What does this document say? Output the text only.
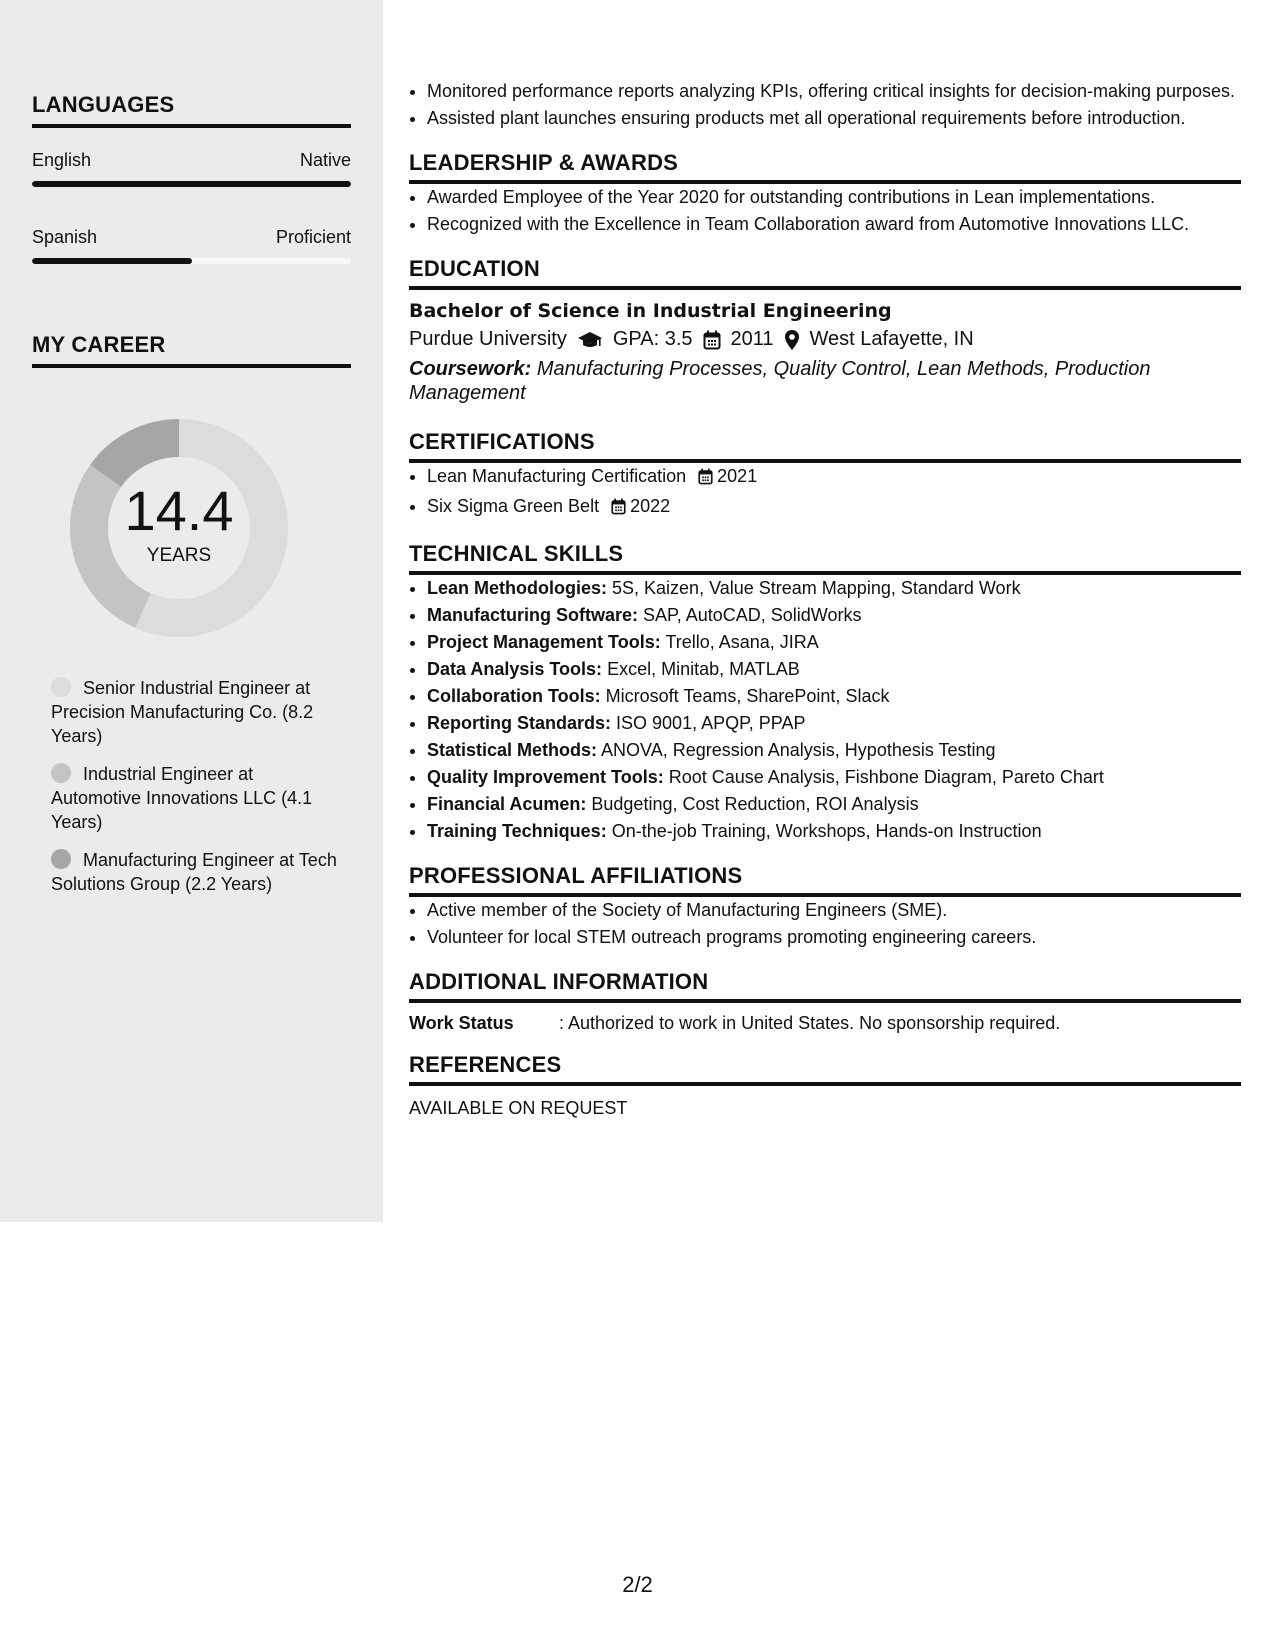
LANGUAGES
English	Native
Spanish	Proficient
MY CAREER
14.4
YEARS
Senior Industrial Engineer at Precision Manufacturing Co. (8.2 Years)
Industrial Engineer at Automotive Innovations LLC (4.1 Years)
Manufacturing Engineer at Tech Solutions Group (2.2 Years)
• Monitored performance reports analyzing KPIs, offering critical insights for decision-making purposes.
• Assisted plant launches ensuring products met all operational requirements before introduction.
LEADERSHIP & AWARDS
• Awarded Employee of the Year 2020 for outstanding contributions in Lean implementations.
• Recognized with the Excellence in Team Collaboration award from Automotive Innovations LLC.
EDUCATION
Bachelor of Science in Industrial Engineering
Purdue University GPA: 3.5 2011 West Lafayette, IN
Coursework: Manufacturing Processes, Quality Control, Lean Methods, Production Management
CERTIFICATIONS
• Lean Manufacturing Certification 2021
• Six Sigma Green Belt 2022
TECHNICAL SKILLS
• Lean Methodologies: 5S, Kaizen, Value Stream Mapping, Standard Work
• Manufacturing Software: SAP, AutoCAD, SolidWorks
• Project Management Tools: Trello, Asana, JIRA
• Data Analysis Tools: Excel, Minitab, MATLAB
• Collaboration Tools: Microsoft Teams, SharePoint, Slack
• Reporting Standards: ISO 9001, APQP, PPAP
• Statistical Methods: ANOVA, Regression Analysis, Hypothesis Testing
• Quality Improvement Tools: Root Cause Analysis, Fishbone Diagram, Pareto Chart
• Financial Acumen: Budgeting, Cost Reduction, ROI Analysis
• Training Techniques: On-the-job Training, Workshops, Hands-on Instruction
PROFESSIONAL AFFILIATIONS
• Active member of the Society of Manufacturing Engineers (SME).
• Volunteer for local STEM outreach programs promoting engineering careers.
ADDITIONAL INFORMATION
Work Status	: Authorized to work in United States. No sponsorship required.
REFERENCES
AVAILABLE ON REQUEST
2/2
